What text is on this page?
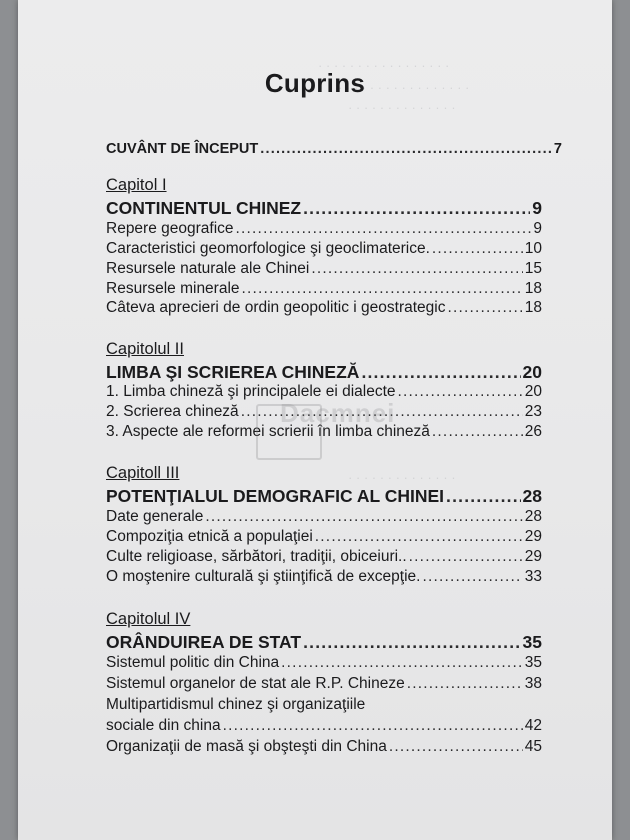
· · · · · · · · · · · · · · · · ·
· · · · · · · · · · · · · · · · ·
· · · · · · · · · · · · · ·
· · · · · · · · · · · · · ·
Cuprins
CUVÂNT DE ÎNCEPUT .....	7
Capitol I
CONTINENTUL CHINEZ .....	9
Repere geografice .....	9
Caracteristici geomorfologice şi geoclimaterice. .....	10
Resursele naturale ale Chinei .....	15
Resursele minerale .....	18
Câteva aprecieri de ordin geopolitic i geostrategic .....	18
Capitolul II
LIMBA ŞI SCRIEREA CHINEZĂ .....	20
1. Limba chineză şi principalele ei dialecte .....	20
2. Scrierea chineză .....	23
3. Aspecte ale reformei scrierii în limba chineză .....	26
Dacmnei
Capitoll III
POTENŢIALUL DEMOGRAFIC AL CHINEI .....	28
Date generale .....	28
Compoziţia etnică a populaţiei .....	29
Culte religioase, sărbători, tradiţii, obiceiuri.. .....	29
O moştenire culturală şi ştiinţifică de excepţie. .....	33
Capitolul IV
ORÂNDUIREA DE STAT .....	35
Sistemul politic din China .....	35
Sistemul organelor de stat ale R.P. Chineze .....	38
Multipartidismul chinez şi organizaţiile
sociale din china .....	42
Organizaţii de masă şi obşteşti din China .....	45
